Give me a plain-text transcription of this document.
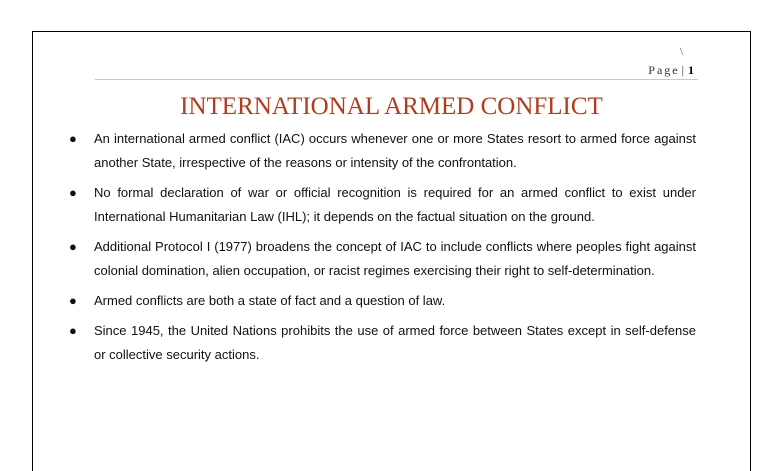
\
Page | 1
INTERNATIONAL ARMED CONFLICT
● An international armed conflict (IAC) occurs whenever one or more States resort to armed force against another State, irrespective of the reasons or intensity of the confrontation.
● No formal declaration of war or official recognition is required for an armed conflict to exist under International Humanitarian Law (IHL); it depends on the factual situation on the ground.
● Additional Protocol I (1977) broadens the concept of IAC to include conflicts where peoples fight against colonial domination, alien occupation, or racist regimes exercising their right to self-determination.
● Armed conflicts are both a state of fact and a question of law.
● Since 1945, the United Nations prohibits the use of armed force between States except in self-defense or collective security actions.
